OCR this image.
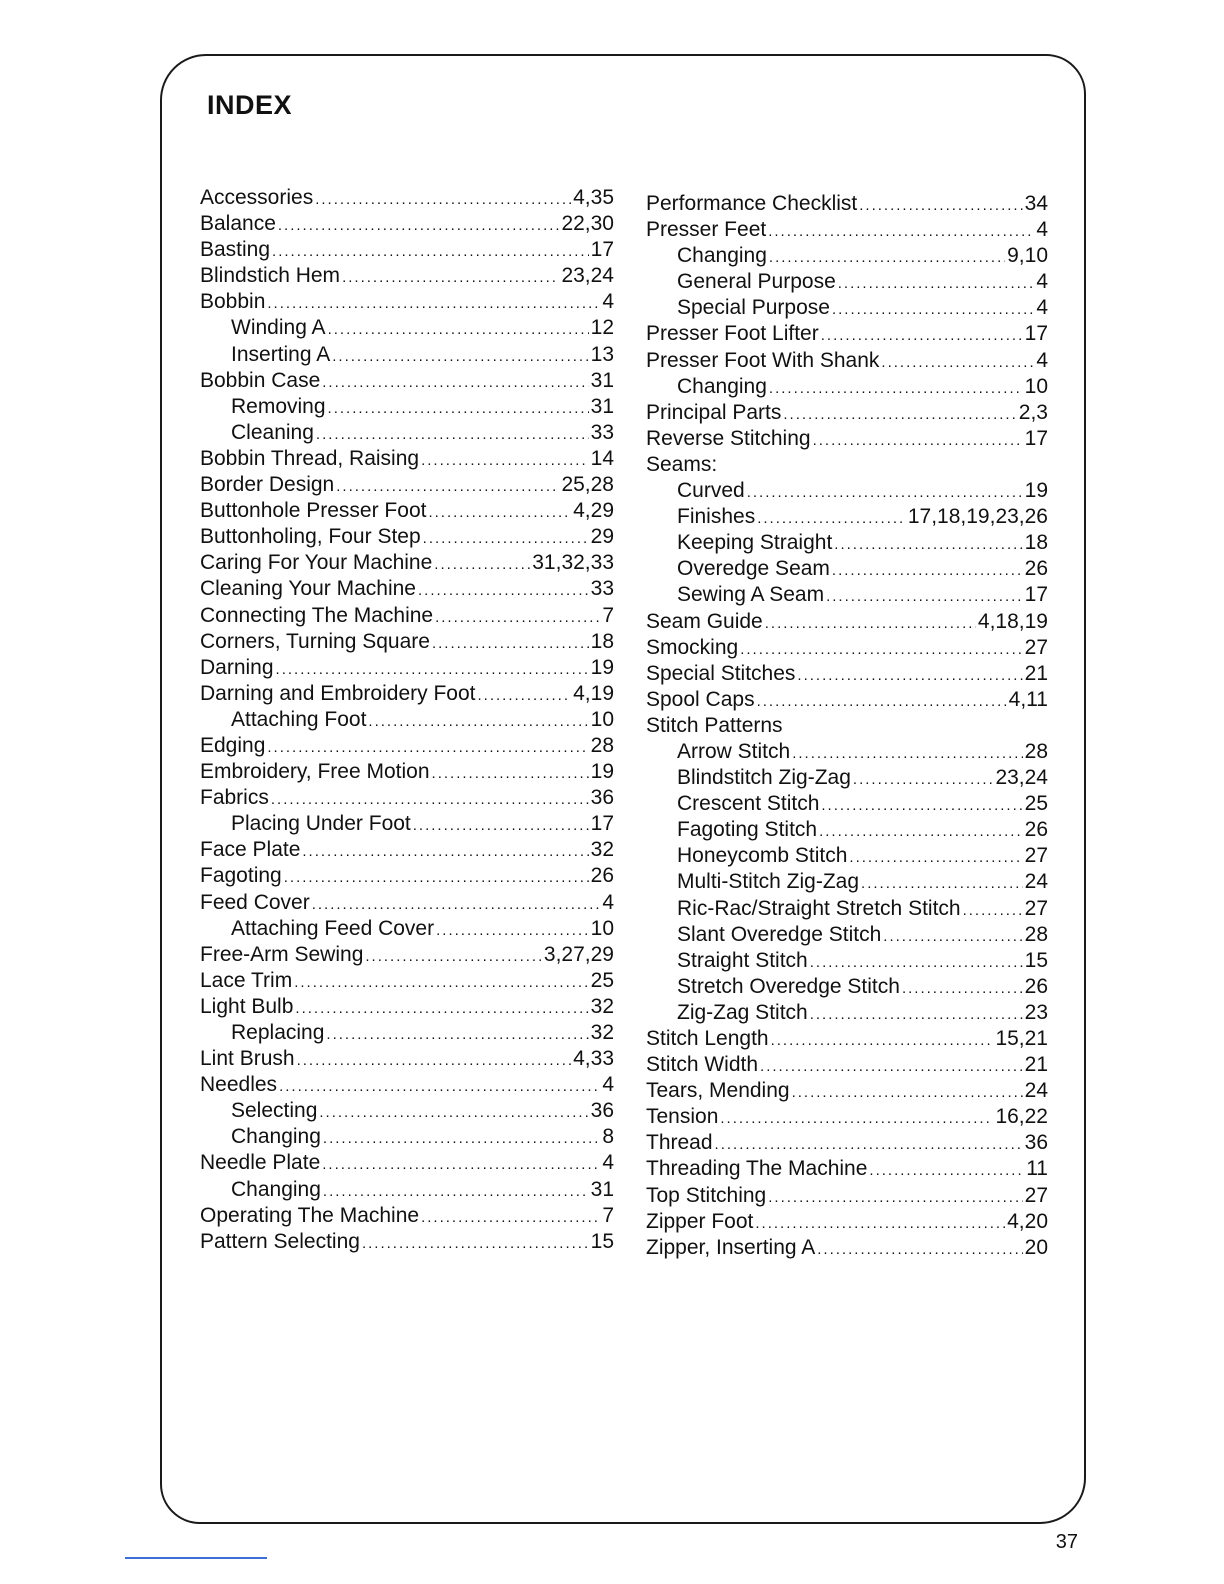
INDEX
Accessories .....	4,35
Balance .....	22,30
Basting .....	17
Blindstich Hem .....	23,24
Bobbin .....	4
Winding A .....	12
Inserting A .....	13
Bobbin Case .....	31
Removing .....	31
Cleaning .....	33
Bobbin Thread, Raising .....	14
Border Design .....	25,28
Buttonhole Presser Foot .....	4,29
Buttonholing, Four Step .....	29
Caring For Your Machine .....	31,32,33
Cleaning Your Machine .....	33
Connecting The Machine .....	7
Corners, Turning Square .....	18
Darning .....	19
Darning and Embroidery Foot .....	4,19
Attaching Foot .....	10
Edging .....	28
Embroidery, Free Motion .....	19
Fabrics .....	36
Placing Under Foot .....	17
Face Plate .....	32
Fagoting .....	26
Feed Cover .....	4
Attaching Feed Cover .....	10
Free-Arm Sewing .....	3,27,29
Lace Trim .....	25
Light Bulb .....	32
Replacing .....	32
Lint Brush .....	4,33
Needles .....	4
Selecting .....	36
Changing .....	8
Needle Plate .....	4
Changing .....	31
Operating The Machine .....	7
Pattern Selecting .....	15
Performance Checklist .....	34
Presser Feet .....	4
Changing .....	9,10
General Purpose .....	4
Special Purpose .....	4
Presser Foot Lifter .....	17
Presser Foot With Shank .....	4
Changing .....	10
Principal Parts .....	2,3
Reverse Stitching .....	17
Seams:
Curved .....	19
Finishes .....	17,18,19,23,26
Keeping Straight .....	18
Overedge Seam .....	26
Sewing A Seam .....	17
Seam Guide .....	4,18,19
Smocking .....	27
Special Stitches .....	21
Spool Caps .....	4,11
Stitch Patterns
Arrow Stitch .....	28
Blindstitch Zig-Zag .....	23,24
Crescent Stitch .....	25
Fagoting Stitch .....	26
Honeycomb Stitch .....	27
Multi-Stitch Zig-Zag .....	24
Ric-Rac/Straight Stretch Stitch .....	27
Slant Overedge Stitch .....	28
Straight Stitch .....	15
Stretch Overedge Stitch .....	26
Zig-Zag Stitch .....	23
Stitch Length .....	15,21
Stitch Width .....	21
Tears, Mending .....	24
Tension .....	16,22
Thread .....	36
Threading The Machine .....	11
Top Stitching .....	27
Zipper Foot .....	4,20
Zipper, Inserting A .....	20
37
